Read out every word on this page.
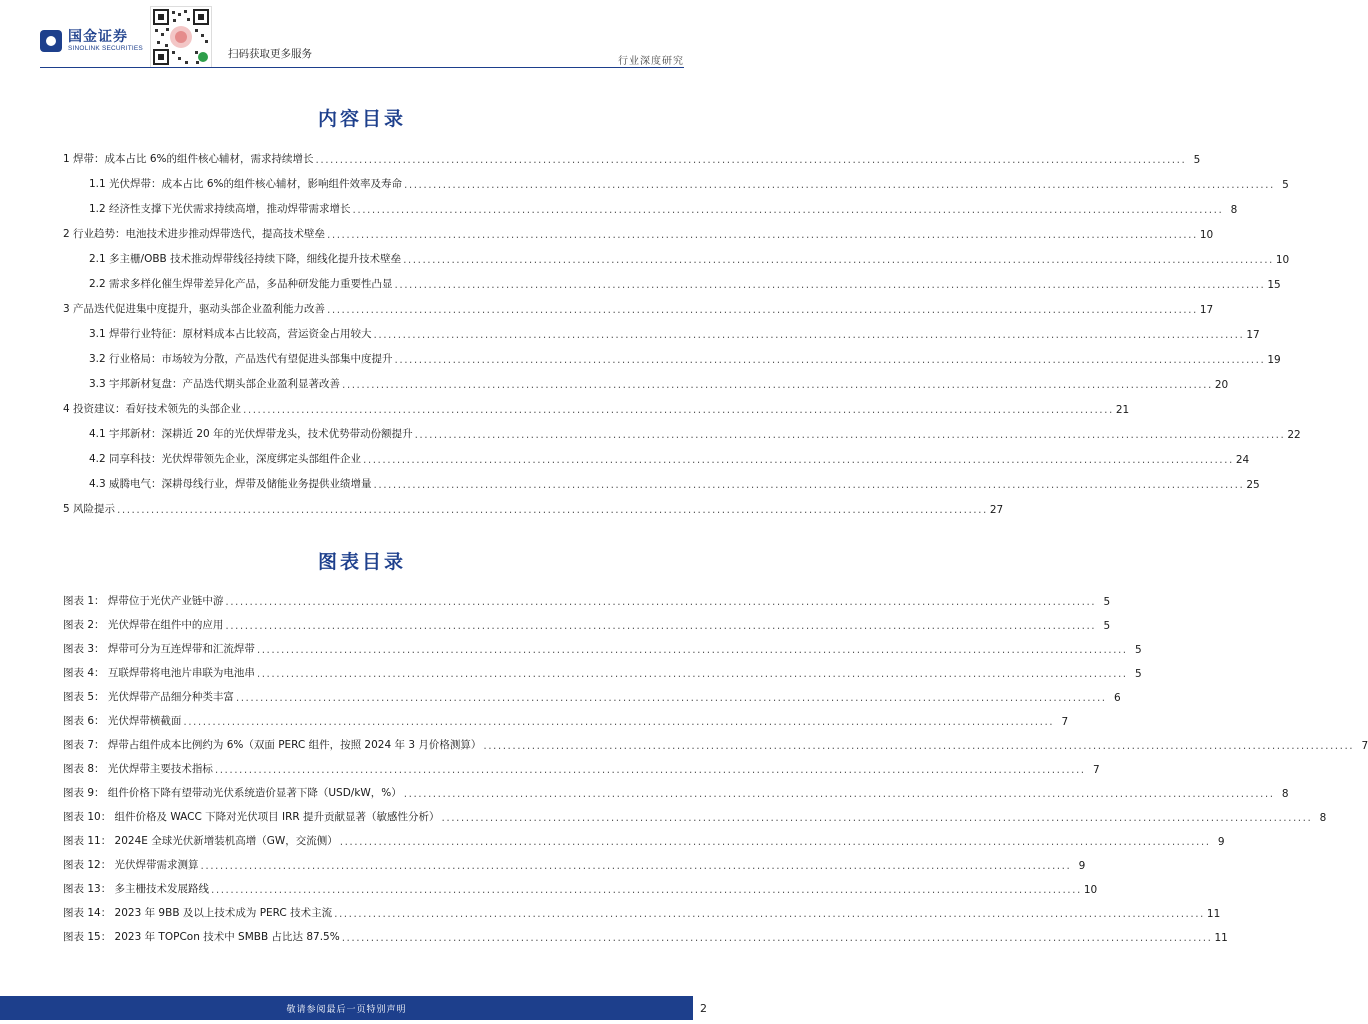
国金证券
SINOLINK SECURITIES	扫码获取更多服务
行业深度研究
内容目录
1 焊带：成本占比 6%的组件核心辅材，需求持续增长 .................................................................................................................................................................................... 5
1.1 光伏焊带：成本占比 6%的组件核心辅材，影响组件效率及寿命 .................................................................................................................................................................................... 5
1.2 经济性支撑下光伏需求持续高增，推动焊带需求增长 .................................................................................................................................................................................... 8
2 行业趋势：电池技术进步推动焊带迭代，提高技术壁垒 .................................................................................................................................................................................... 10
2.1 多主栅/OBB 技术推动焊带线径持续下降，细线化提升技术壁垒 .................................................................................................................................................................................... 10
2.2 需求多样化催生焊带差异化产品，多品种研发能力重要性凸显 .................................................................................................................................................................................... 15
3 产品迭代促进集中度提升，驱动头部企业盈利能力改善 .................................................................................................................................................................................... 17
3.1 焊带行业特征：原材料成本占比较高，营运资金占用较大 .................................................................................................................................................................................... 17
3.2 行业格局：市场较为分散，产品迭代有望促进头部集中度提升 .................................................................................................................................................................................... 19
3.3 宇邦新材复盘：产品迭代期头部企业盈利显著改善 .................................................................................................................................................................................... 20
4 投资建议：看好技术领先的头部企业 .................................................................................................................................................................................... 21
4.1 宇邦新材：深耕近 20 年的光伏焊带龙头，技术优势带动份额提升 .................................................................................................................................................................................... 22
4.2 同享科技：光伏焊带领先企业，深度绑定头部组件企业 .................................................................................................................................................................................... 24
4.3 威腾电气：深耕母线行业，焊带及储能业务提供业绩增量 .................................................................................................................................................................................... 25
5 风险提示 .................................................................................................................................................................................... 27
图表目录
图表 1： 焊带位于光伏产业链中游 .................................................................................................................................................................................... 5
图表 2： 光伏焊带在组件中的应用 .................................................................................................................................................................................... 5
图表 3： 焊带可分为互连焊带和汇流焊带 .................................................................................................................................................................................... 5
图表 4： 互联焊带将电池片串联为电池串 .................................................................................................................................................................................... 5
图表 5： 光伏焊带产品细分种类丰富 .................................................................................................................................................................................... 6
图表 6： 光伏焊带横截面 .................................................................................................................................................................................... 7
图表 7： 焊带占组件成本比例约为 6%（双面 PERC 组件，按照 2024 年 3 月价格测算） .................................................................................................................................................................................... 7
图表 8： 光伏焊带主要技术指标 .................................................................................................................................................................................... 7
图表 9： 组件价格下降有望带动光伏系统造价显著下降（USD/kW，%） .................................................................................................................................................................................... 8
图表 10： 组件价格及 WACC 下降对光伏项目 IRR 提升贡献显著（敏感性分析） .................................................................................................................................................................................... 8
图表 11： 2024E 全球光伏新增装机高增（GW，交流侧） .................................................................................................................................................................................... 9
图表 12： 光伏焊带需求测算 .................................................................................................................................................................................... 9
图表 13： 多主栅技术发展路线 .................................................................................................................................................................................... 10
图表 14： 2023 年 9BB 及以上技术成为 PERC 技术主流 .................................................................................................................................................................................... 11
图表 15： 2023 年 TOPCon 技术中 SMBB 占比达 87.5% .................................................................................................................................................................................... 11
敬请参阅最后一页特别声明	2
